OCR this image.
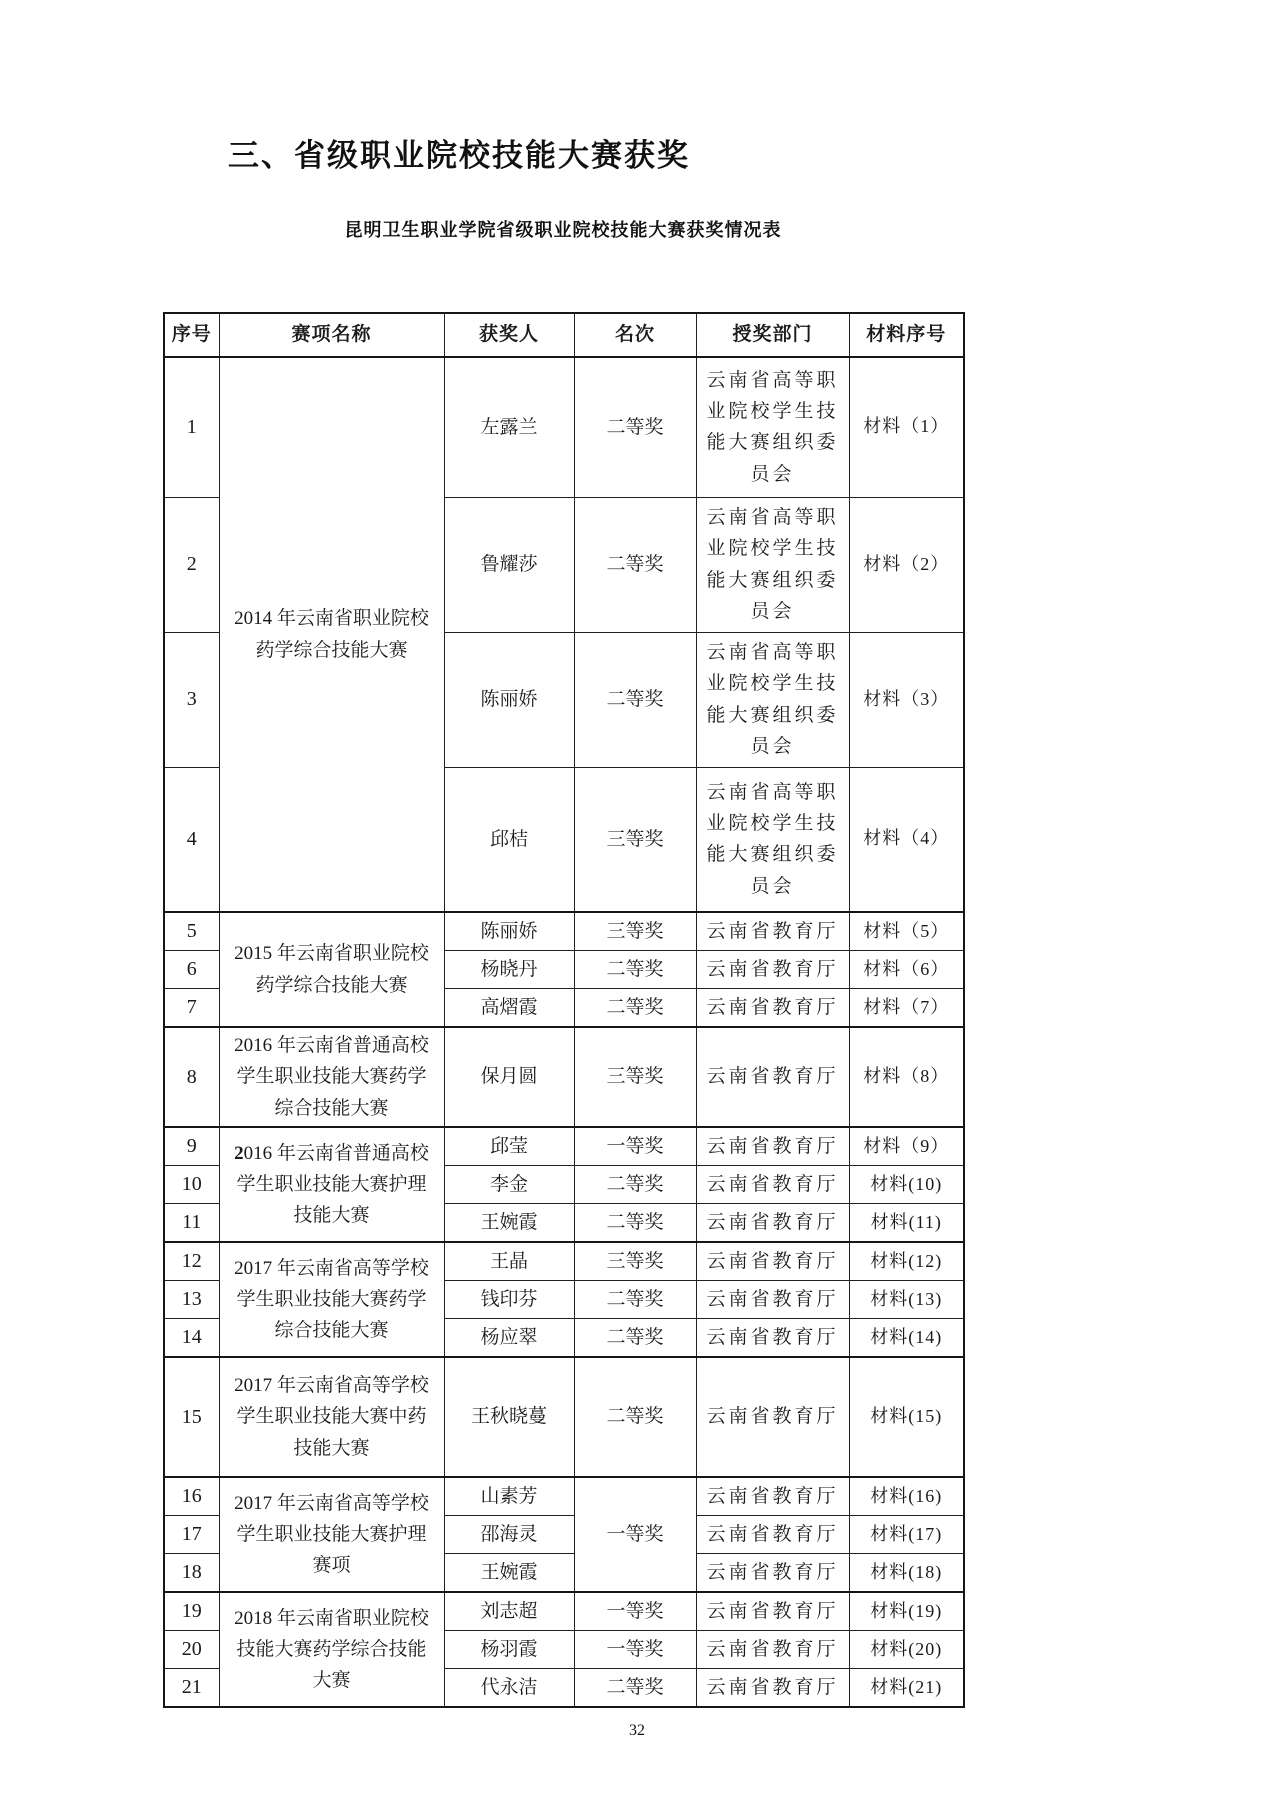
三、省级职业院校技能大赛获奖
昆明卫生职业学院省级职业院校技能大赛获奖情况表
序号	赛项名称	获奖人	名次	授奖部门	材料序号
1	2014 年云南省职业院校药学综合技能大赛	左露兰	二等奖	云南省高等职业院校学生技能大赛组织委员会	材料（1）
2		鲁耀莎	二等奖	云南省高等职业院校学生技能大赛组织委员会	材料（2）
3		陈丽娇	二等奖	云南省高等职业院校学生技能大赛组织委员会	材料（3）
4		邱桔	三等奖	云南省高等职业院校学生技能大赛组织委员会	材料（4）
5	2015 年云南省职业院校药学综合技能大赛	陈丽娇	三等奖	云南省教育厅	材料（5）
6		杨晓丹	二等奖	云南省教育厅	材料（6）
7		高熠霞	二等奖	云南省教育厅	材料（7）
8	2016 年云南省普通高校学生职业技能大赛药学综合技能大赛	保月圆	三等奖	云南省教育厅	材料（8）
9	2016 年云南省普通高校学生职业技能大赛护理技能大赛	邱莹	一等奖	云南省教育厅	材料（9）
10		李金	二等奖	云南省教育厅	材料(10)
11		王婉霞	二等奖	云南省教育厅	材料(11)
12	2017 年云南省高等学校学生职业技能大赛药学综合技能大赛	王晶	三等奖	云南省教育厅	材料(12)
13		钱印芬	二等奖	云南省教育厅	材料(13)
14		杨应翠	二等奖	云南省教育厅	材料(14)
15	2017 年云南省高等学校学生职业技能大赛中药技能大赛	王秋晓蔓	二等奖	云南省教育厅	材料(15)
16	2017 年云南省高等学校学生职业技能大赛护理赛项	山素芳	一等奖	云南省教育厅	材料(16)
17		邵海灵		云南省教育厅	材料(17)
18		王婉霞		云南省教育厅	材料(18)
19	2018 年云南省职业院校技能大赛药学综合技能大赛	刘志超	一等奖	云南省教育厅	材料(19)
20		杨羽霞	一等奖	云南省教育厅	材料(20)
21		代永洁	二等奖	云南省教育厅	材料(21)
32
